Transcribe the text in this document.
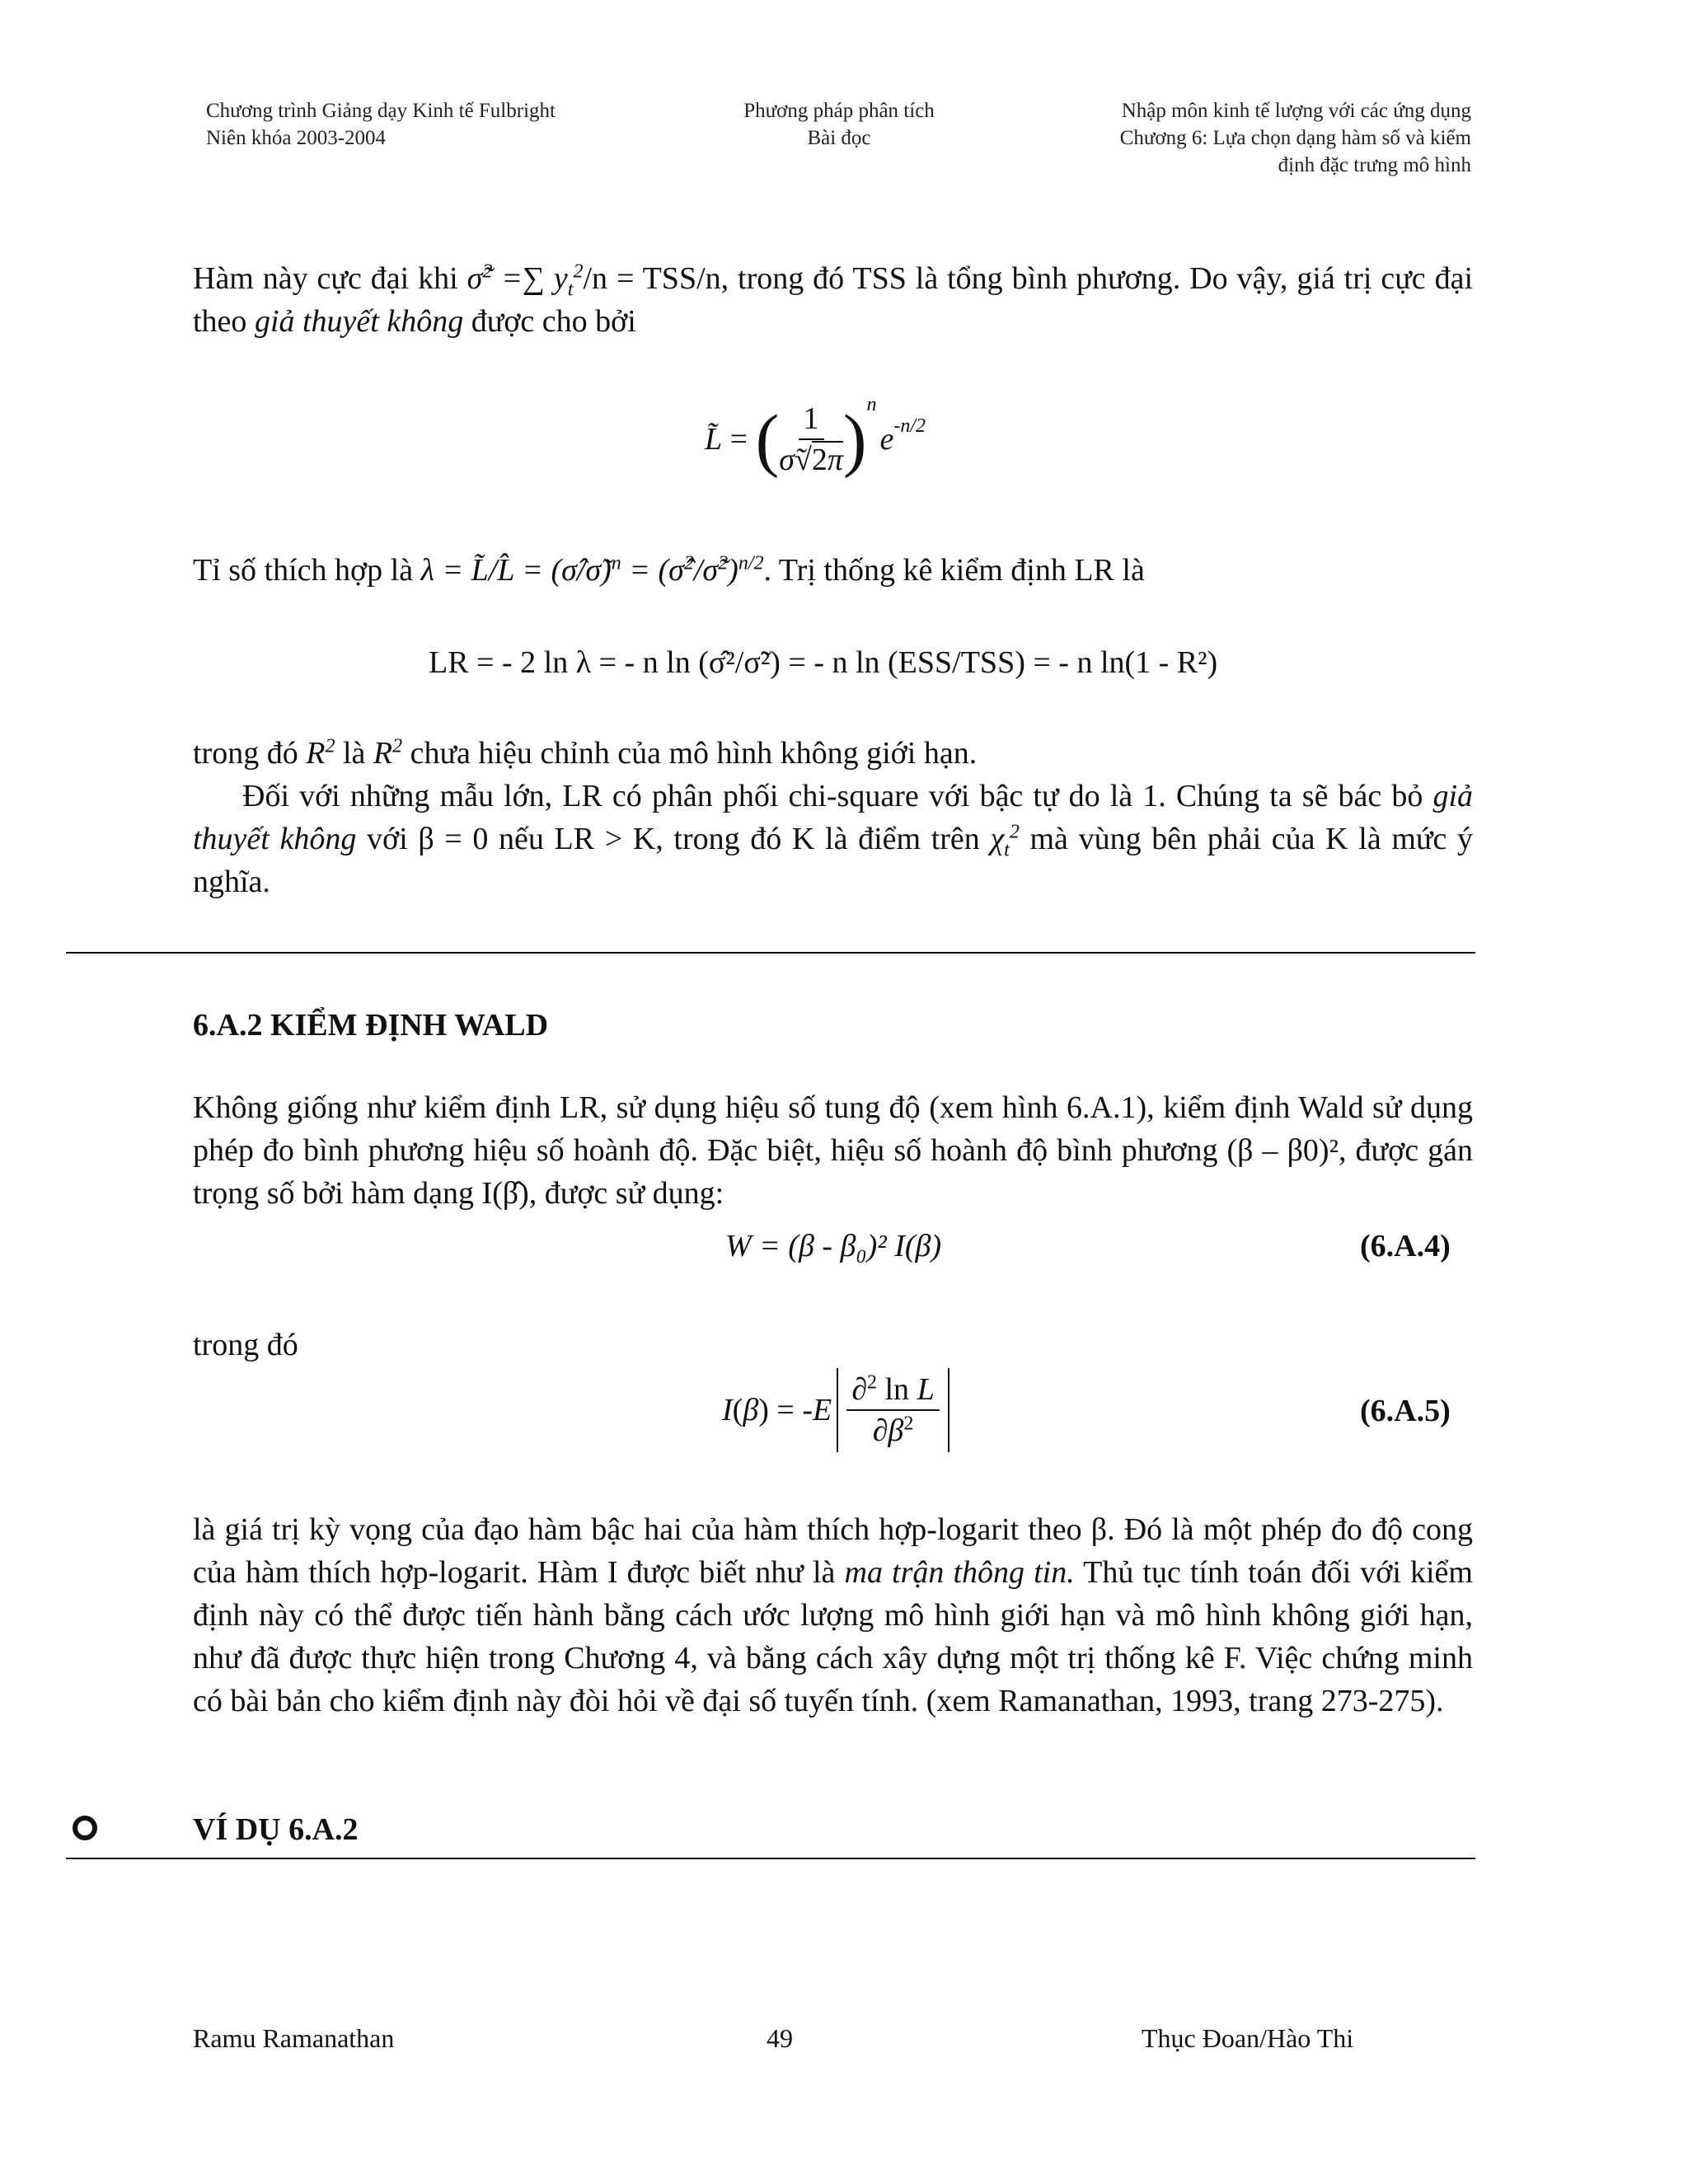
Chương trình Giảng dạy Kinh tế Fulbright
Niên khóa 2003-2004
Phương pháp phân tích
Bài đọc
Nhập môn kinh tế lượng với các ứng dụng
Chương 6: Lựa chọn dạng hàm số và kiểm
định đặc trưng mô hình
Hàm này cực đại khi σ̃$^2$ =∑ $y_t^2/n = TSS/n$, trong đó TSS là tổng bình phương. Do vậy, giá trị cực đại theo giả thuyết không được cho bởi
L̃ = ( $\frac{1}{\sigmã√2\pi}$ ) n
e -n/2
Tỉ số thích hợp là λ = L̃/L̂ = (σ̂/σ̃)$^n$ = (σ̂$^2$/σ̃$^2$)$^{n/2}$. Trị thống kê kiểm định LR là
LR = - 2 ln λ = - n ln (σ̂²/σ̃²) = - n ln (ESS/TSS) = - n ln(1 - R²)
trong đó $R^2$ là $R^2$ chưa hiệu chỉnh của mô hình không giới hạn.
Đối với những mẫu lớn, LR có phân phối chi-square với bậc tự do là 1. Chúng ta sẽ bác bỏ giả thuyết không với β = 0 nếu LR > K, trong đó K là điểm trên $\chi_t^2$ mà vùng bên phải của K là mức ý nghĩa.
6.A.2 KIỂM ĐỊNH WALD
Không giống như kiểm định LR, sử dụng hiệu số tung độ (xem hình 6.A.1), kiểm định Wald sử dụng phép đo bình phương hiệu số hoành độ. Đặc biệt, hiệu số hoành độ bình phương (β – β0)², được gán trọng số bởi hàm dạng I(β̂), được sử dụng:
W = (β - β₀)² I(β)	(6.A.4)
trong đó
I ( β ) = - E $\frac{\partial^2 \ln L}{\partial\beta^2}$	(6.A.5)
là giá trị kỳ vọng của đạo hàm bậc hai của hàm thích hợp-logarit theo β. Đó là một phép đo độ cong của hàm thích hợp-logarit. Hàm I được biết như là ma trận thông tin. Thủ tục tính toán đối với kiểm định này có thể được tiến hành bằng cách ước lượng mô hình giới hạn và mô hình không giới hạn, như đã được thực hiện trong Chương 4, và bằng cách xây dựng một trị thống kê F. Việc chứng minh có bài bản cho kiểm định này đòi hỏi về đại số tuyến tính. (xem Ramanathan, 1993, trang 273-275).
VÍ DỤ 6.A.2
Ramu Ramanathan	49	Thục Đoan/Hào Thi
